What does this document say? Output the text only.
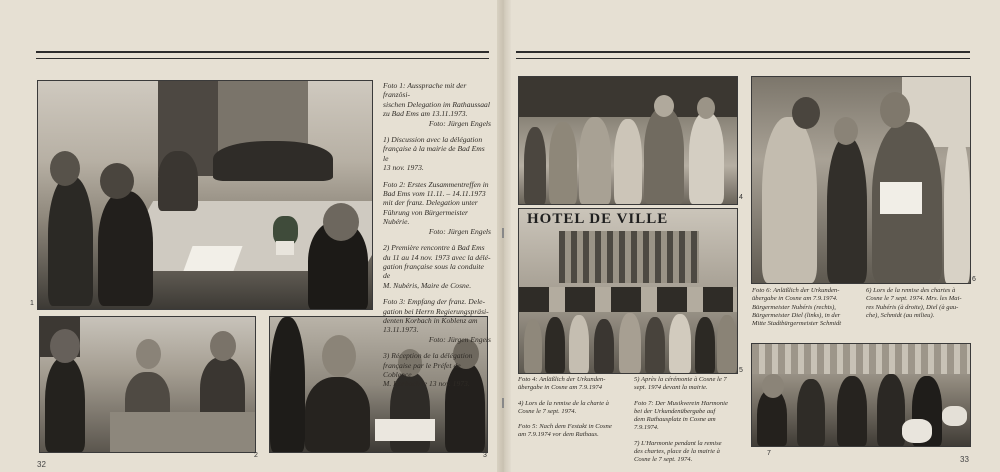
Foto 1: Aussprache mit der französi-
sischen Delegation im Rathaussaal
zu Bad Ems am 13.11.1973.

Foto: Jürgen Engels

1) Discussion avec la délégation
française à la mairie de Bad Ems le
13 nov. 1973.

Foto 2: Erstes Zusammentreffen in
Bad Ems vom 11.11. – 14.11.1973
mit der franz. Delegation unter
Führung von Bürgermeister Nubérie.

Foto: Jürgen Engels

2) Première rencontre à Bad Ems
du 11 au 14 nov. 1973 avec la délé-
gation française sous la conduite de
M. Nubéris, Maire de Cosne.

Foto 3: Empfang der franz. Dele-
gation bei Herrn Regierungspräsi-
denten Korbach in Koblenz am
13.11.1973.

Foto: Jürgen Engels

3) Réception de la délégation
française par le Préfet de Coblence
M. Korbach le 13 nov. 1973.

HOTEL DE VILLE
Foto 6: Anläßlich der Urkunden-
übergabe in Cosne am 7.9.1974.
Bürgermeister Nubéris (rechts),
Bürgermeister Diel (links), in der
Mitte Stadtbürgermeister Schmidt
6) Lors de la remise des chartes à
Cosne le 7 sept. 1974. Mrs. les Mai-
res Nubéris (à droite), Diel (à gau-
che), Schmidt (au milieu).

Foto 4: Anläßlich der Urkunden-
übergabe in Cosne am 7.9.1974

4) Lors de la remise de la charte à
Cosne le 7 sept. 1974.

Foto 5: Nach dem Festakt in Cosne
am 7.9.1974 vor dem Rathaus.

5) Après la cérémonie à Cosne le 7
sept. 1974 devant la mairie.

Foto 7: Der Musikverein Harmonie
bei der Urkundenübergabe auf
dem Rathausplatz in Cosne am
7.9.1974.

7) L'Harmonie pendant la remise
des chartes, place de la mairie à
Cosne le 7 sept. 1974.

1
2	3
4
5
6
7
32
33
